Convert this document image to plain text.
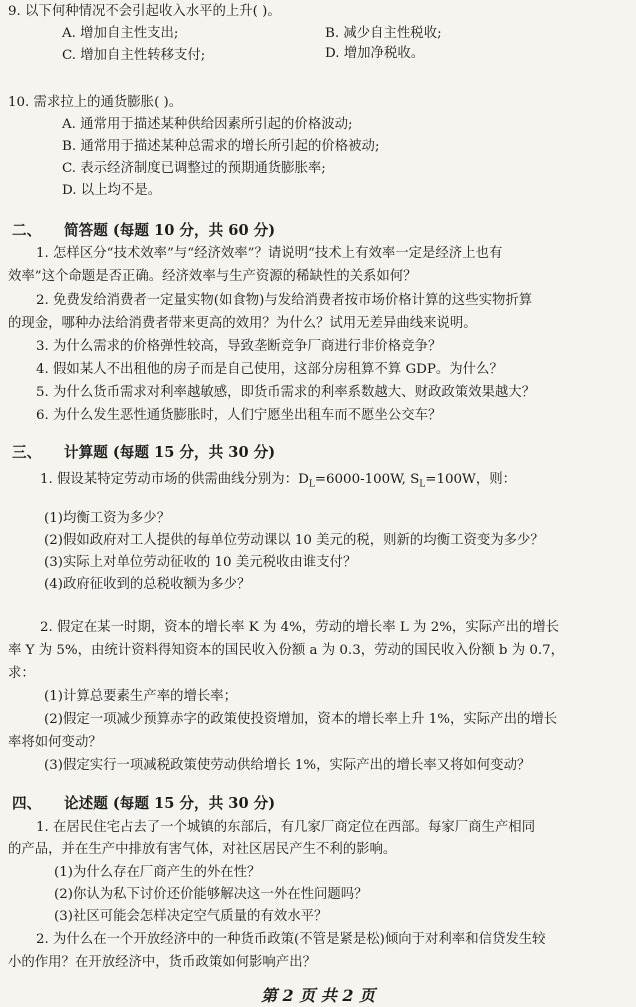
9. 以下何种情况不会引起收入水平的上升( )。
A. 增加自主性支出;	B. 减少自主性税收;
C. 增加自主性转移支付;	D. 增加净税收。
10. 需求拉上的通货膨胀( )。
A. 通常用于描述某种供给因素所引起的价格波动;
B. 通常用于描述某种总需求的增长所引起的价格被动;
C. 表示经济制度已调整过的预期通货膨胀率;
D. 以上均不是。
二、 简答题 (每题 10 分，共 60 分)
1. 怎样区分“技术效率”与“经济效率”？请说明“技术上有效率一定是经济上也有
效率”这个命题是否正确。经济效率与生产资源的稀缺性的关系如何？
2. 免费发给消费者一定量实物(如食物)与发给消费者按市场价格计算的这些实物折算
的现金，哪种办法给消费者带来更高的效用？为什么？试用无差异曲线来说明。
3. 为什么需求的价格弹性较高，导致垄断竞争厂商进行非价格竞争？
4. 假如某人不出租他的房子而是自己使用，这部分房租算不算 GDP。为什么？
5. 为什么货币需求对利率越敏感，即货币需求的利率系数越大、财政政策效果越大？
6. 为什么发生恶性通货膨胀时，人们宁愿坐出租车而不愿坐公交车？
三、 计算题 (每题 15 分，共 30 分)
1. 假设某特定劳动市场的供需曲线分别为：$D_L=6000-100W$, $S_L=100W$，则：
(1)均衡工资为多少？
(2)假如政府对工人提供的每单位劳动课以 10 美元的税，则新的均衡工资变为多少？
(3)实际上对单位劳动征收的 10 美元税收由谁支付？
(4)政府征收到的总税收额为多少？
2. 假定在某一时期，资本的增长率 K 为 4%，劳动的增长率 L 为 2%，实际产出的增长
率 Y 为 5%，由统计资料得知资本的国民收入份额 a 为 0.3，劳动的国民收入份额 b 为 0.7，
求：
(1)计算总要素生产率的增长率；
(2)假定一项减少预算赤字的政策使投资增加，资本的增长率上升 1%，实际产出的增长
率将如何变动？
(3)假定实行一项减税政策使劳动供给增长 1%，实际产出的增长率又将如何变动？
四、 论述题 (每题 15 分，共 30 分)
1. 在居民住宅占去了一个城镇的东部后，有几家厂商定位在西部。每家厂商生产相同
的产品，并在生产中排放有害气体，对社区居民产生不利的影响。
(1)为什么存在厂商产生的外在性？
(2)你认为私下讨价还价能够解决这一外在性问题吗？
(3)社区可能会怎样决定空气质量的有效水平？
2. 为什么在一个开放经济中的一种货币政策(不管是紧是松)倾向于对利率和信贷发生较
小的作用？在开放经济中，货币政策如何影响产出？
第 2 页 共 2 页
